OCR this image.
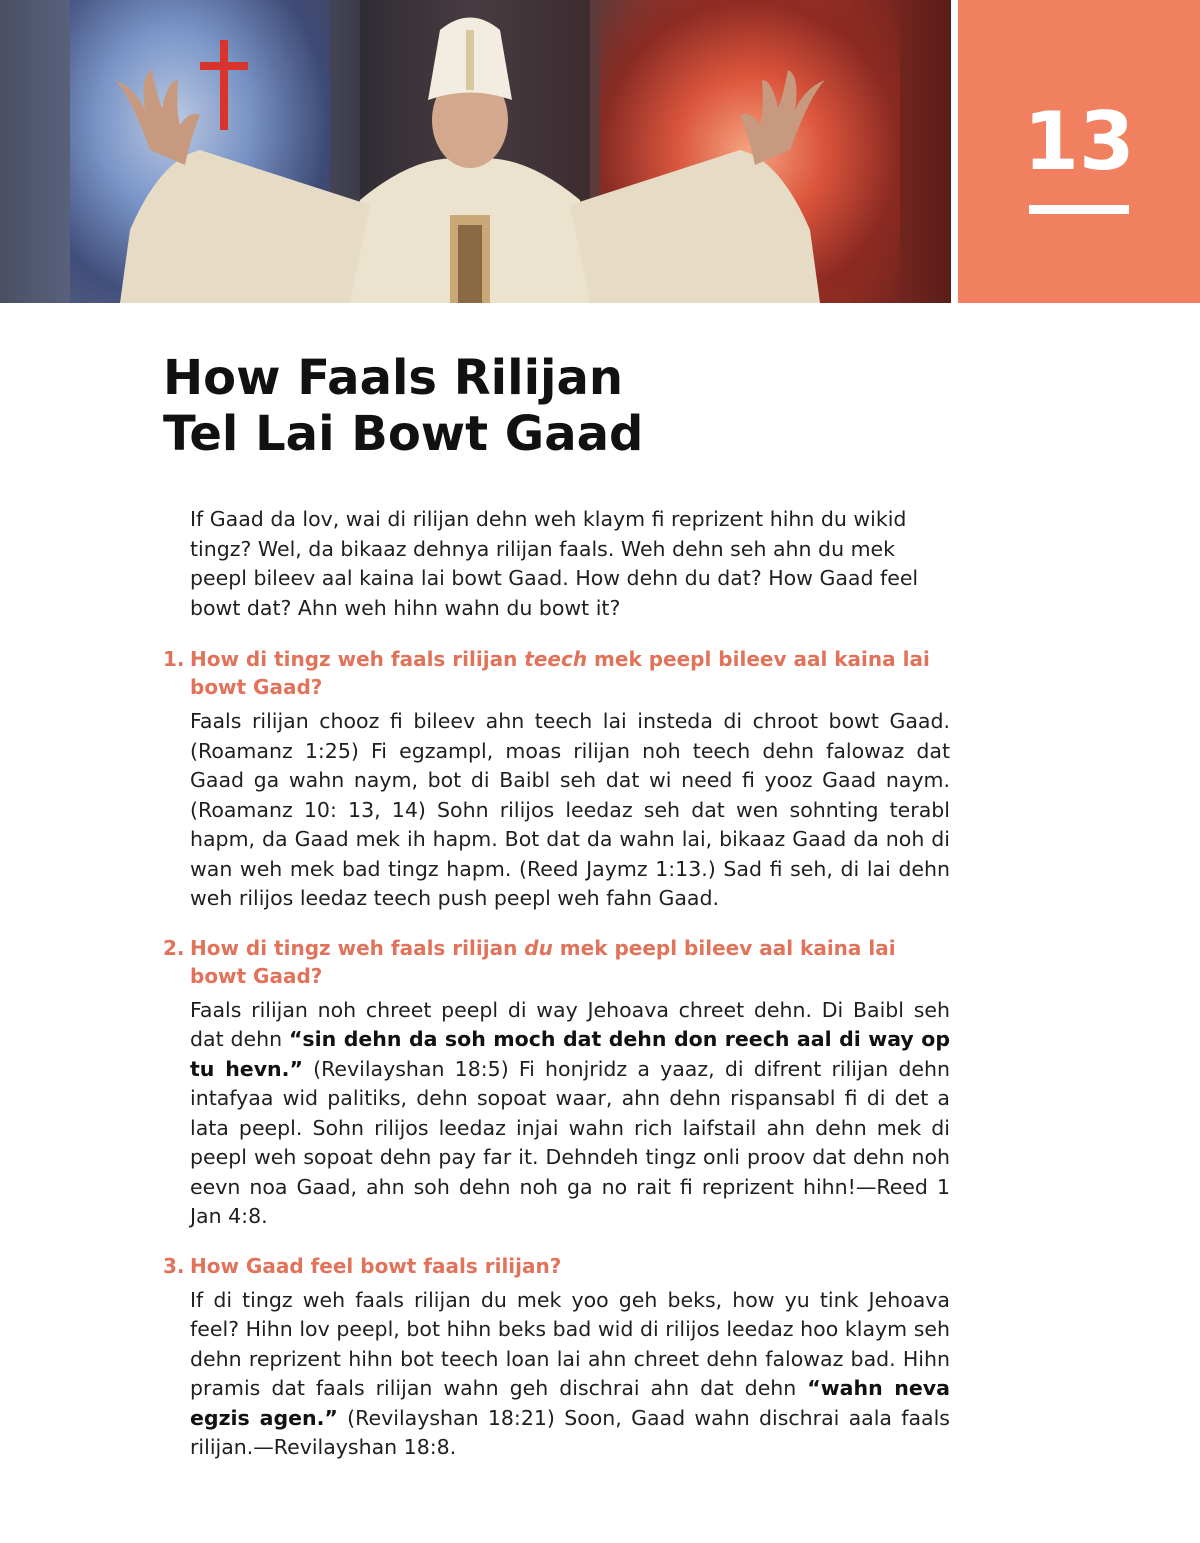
13
How Faals Rilijan
Tel Lai Bowt Gaad

If Gaad da lov, wai di rilijan dehn weh klaym fi reprizent hihn du wikid tingz? Wel, da bikaaz dehnya rilijan faals. Weh dehn seh ahn du mek peepl bileev aal kaina lai bowt Gaad. How dehn du dat? How Gaad feel bowt dat? Ahn weh hihn wahn du bowt it?

1. How di tingz weh faals rilijan teech mek peepl bileev aal kaina lai bowt Gaad?

Faals rilijan chooz fi bileev ahn teech lai insteda di chroot bowt Gaad. (Roamanz 1:25) Fi egzampl, moas rilijan noh teech dehn falowaz dat Gaad ga wahn naym, bot di Baibl seh dat wi need fi yooz Gaad naym. (Roamanz 10: 13, 14) Sohn rilijos leedaz seh dat wen sohnting terabl hapm, da Gaad mek ih hapm. Bot dat da wahn lai, bikaaz Gaad da noh di wan weh mek bad tingz hapm. (Reed Jaymz 1:13.) Sad fi seh, di lai dehn weh rilijos leedaz teech push peepl weh fahn Gaad.

2. How di tingz weh faals rilijan du mek peepl bileev aal kaina lai bowt Gaad?

Faals rilijan noh chreet peepl di way Jehoava chreet dehn. Di Baibl seh dat dehn “sin dehn da soh moch dat dehn don reech aal di way op tu hevn.” (Revilayshan 18:5) Fi honjridz a yaaz, di difrent rilijan dehn intafyaa wid palitiks, dehn sopoat waar, ahn dehn rispansabl fi di det a lata peepl. Sohn rilijos leedaz injai wahn rich laifstail ahn dehn mek di peepl weh sopoat dehn pay far it. Dehndeh tingz onli proov dat dehn noh eevn noa Gaad, ahn soh dehn noh ga no rait fi reprizent hihn!—Reed 1 Jan 4:8.

3. How Gaad feel bowt faals rilijan?

If di tingz weh faals rilijan du mek yoo geh beks, how yu tink Jehoava feel? Hihn lov peepl, bot hihn beks bad wid di rilijos leedaz hoo klaym seh dehn reprizent hihn bot teech loan lai ahn chreet dehn falowaz bad. Hihn pramis dat faals rilijan wahn geh dischrai ahn dat dehn “wahn neva egzis agen.” (Revilayshan 18:21) Soon, Gaad wahn dischrai aala faals rilijan.—Revilayshan 18:8.
